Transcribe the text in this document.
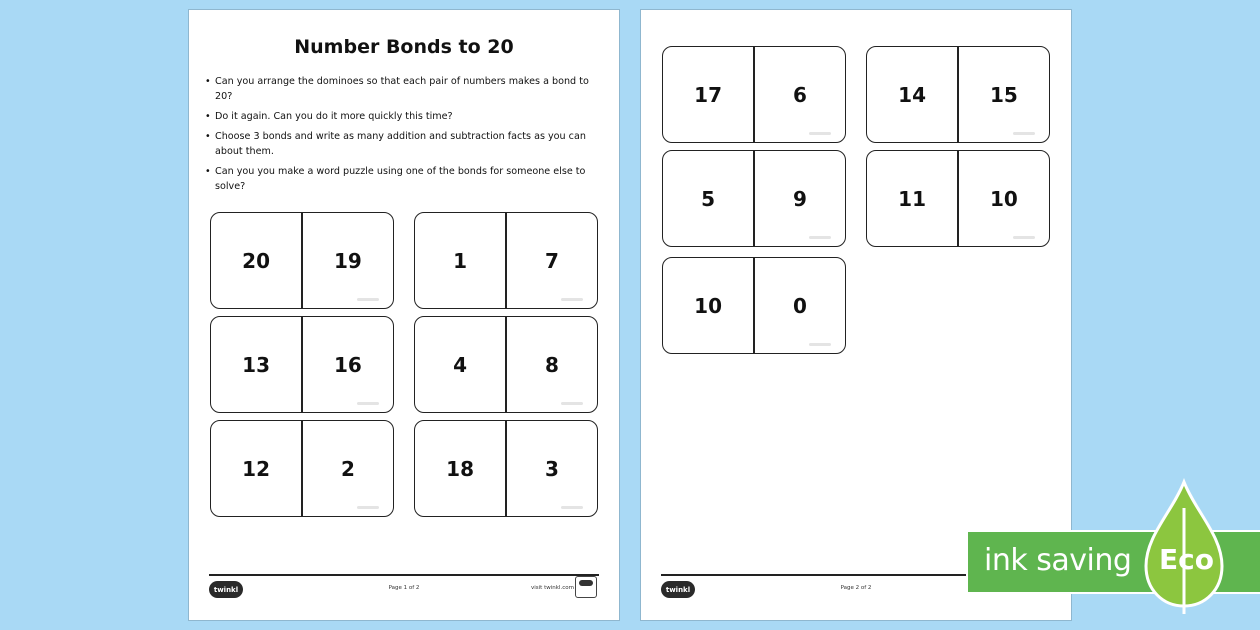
Number Bonds to 20
• Can you arrange the dominoes so that each pair of numbers makes a bond to 20?
• Do it again. Can you do it more quickly this time?
• Choose 3 bonds and write as many addition and subtraction facts as you can about them.
• Can you you make a word puzzle using one of the bonds for someone else to solve?
20	19	1	7
13	16	4	8
12	2	18	3
twinkl	Page 1 of 2	visit twinkl.com
17	6	14	15
5	9	11	10
10	0
twinkl	Page 2 of 2
ink saving Eco
